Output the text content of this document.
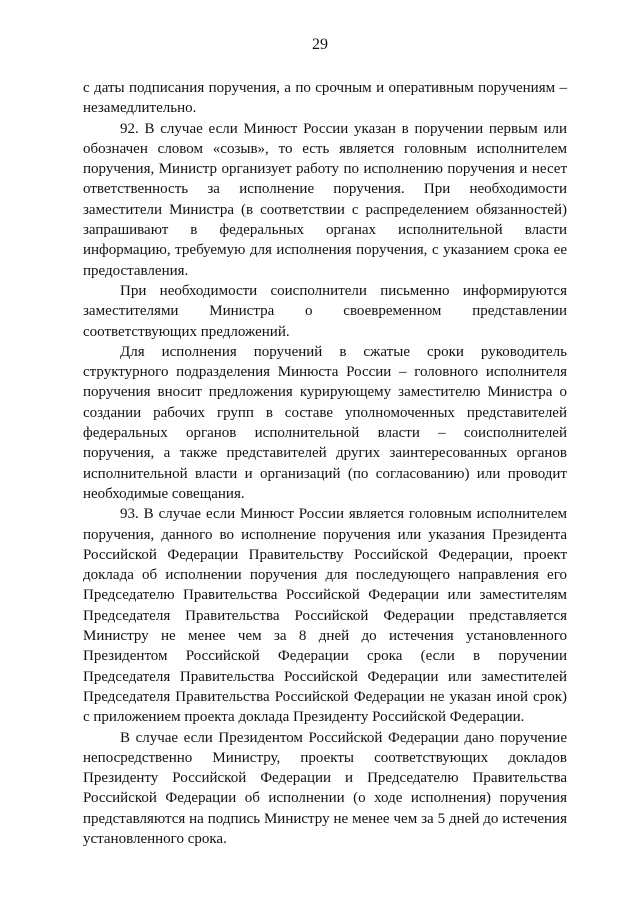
29

с даты подписания поручения, а по срочным и оперативным поручениям – незамедлительно.

92. В случае если Минюст России указан в поручении первым или обозначен словом «созыв», то есть является головным исполнителем поручения, Министр организует работу по исполнению поручения и несет ответственность за исполнение поручения. При необходимости заместители Министра (в соответствии с распределением обязанностей) запрашивают в федеральных органах исполнительной власти информацию, требуемую для исполнения поручения, с указанием срока ее предоставления.

При необходимости соисполнители письменно информируются заместителями Министра о своевременном представлении соответствующих предложений.

Для исполнения поручений в сжатые сроки руководитель структурного подразделения Минюста России – головного исполнителя поручения вносит предложения курирующему заместителю Министра о создании рабочих групп в составе уполномоченных представителей федеральных органов исполнительной власти – соисполнителей поручения, а также представителей других заинтересованных органов исполнительной власти и организаций (по согласованию) или проводит необходимые совещания.

93. В случае если Минюст России является головным исполнителем поручения, данного во исполнение поручения или указания Президента Российской Федерации Правительству Российской Федерации, проект доклада об исполнении поручения для последующего направления его Председателю Правительства Российской Федерации или заместителям Председателя Правительства Российской Федерации представляется Министру не менее чем за 8 дней до истечения установленного Президентом Российской Федерации срока (если в поручении Председателя Правительства Российской Федерации или заместителей Председателя Правительства Российской Федерации не указан иной срок) с приложением проекта доклада Президенту Российской Федерации.

В случае если Президентом Российской Федерации дано поручение непосредственно Министру, проекты соответствующих докладов Президенту Российской Федерации и Председателю Правительства Российской Федерации об исполнении (о ходе исполнения) поручения представляются на подпись Министру не менее чем за 5 дней до истечения установленного срока.
